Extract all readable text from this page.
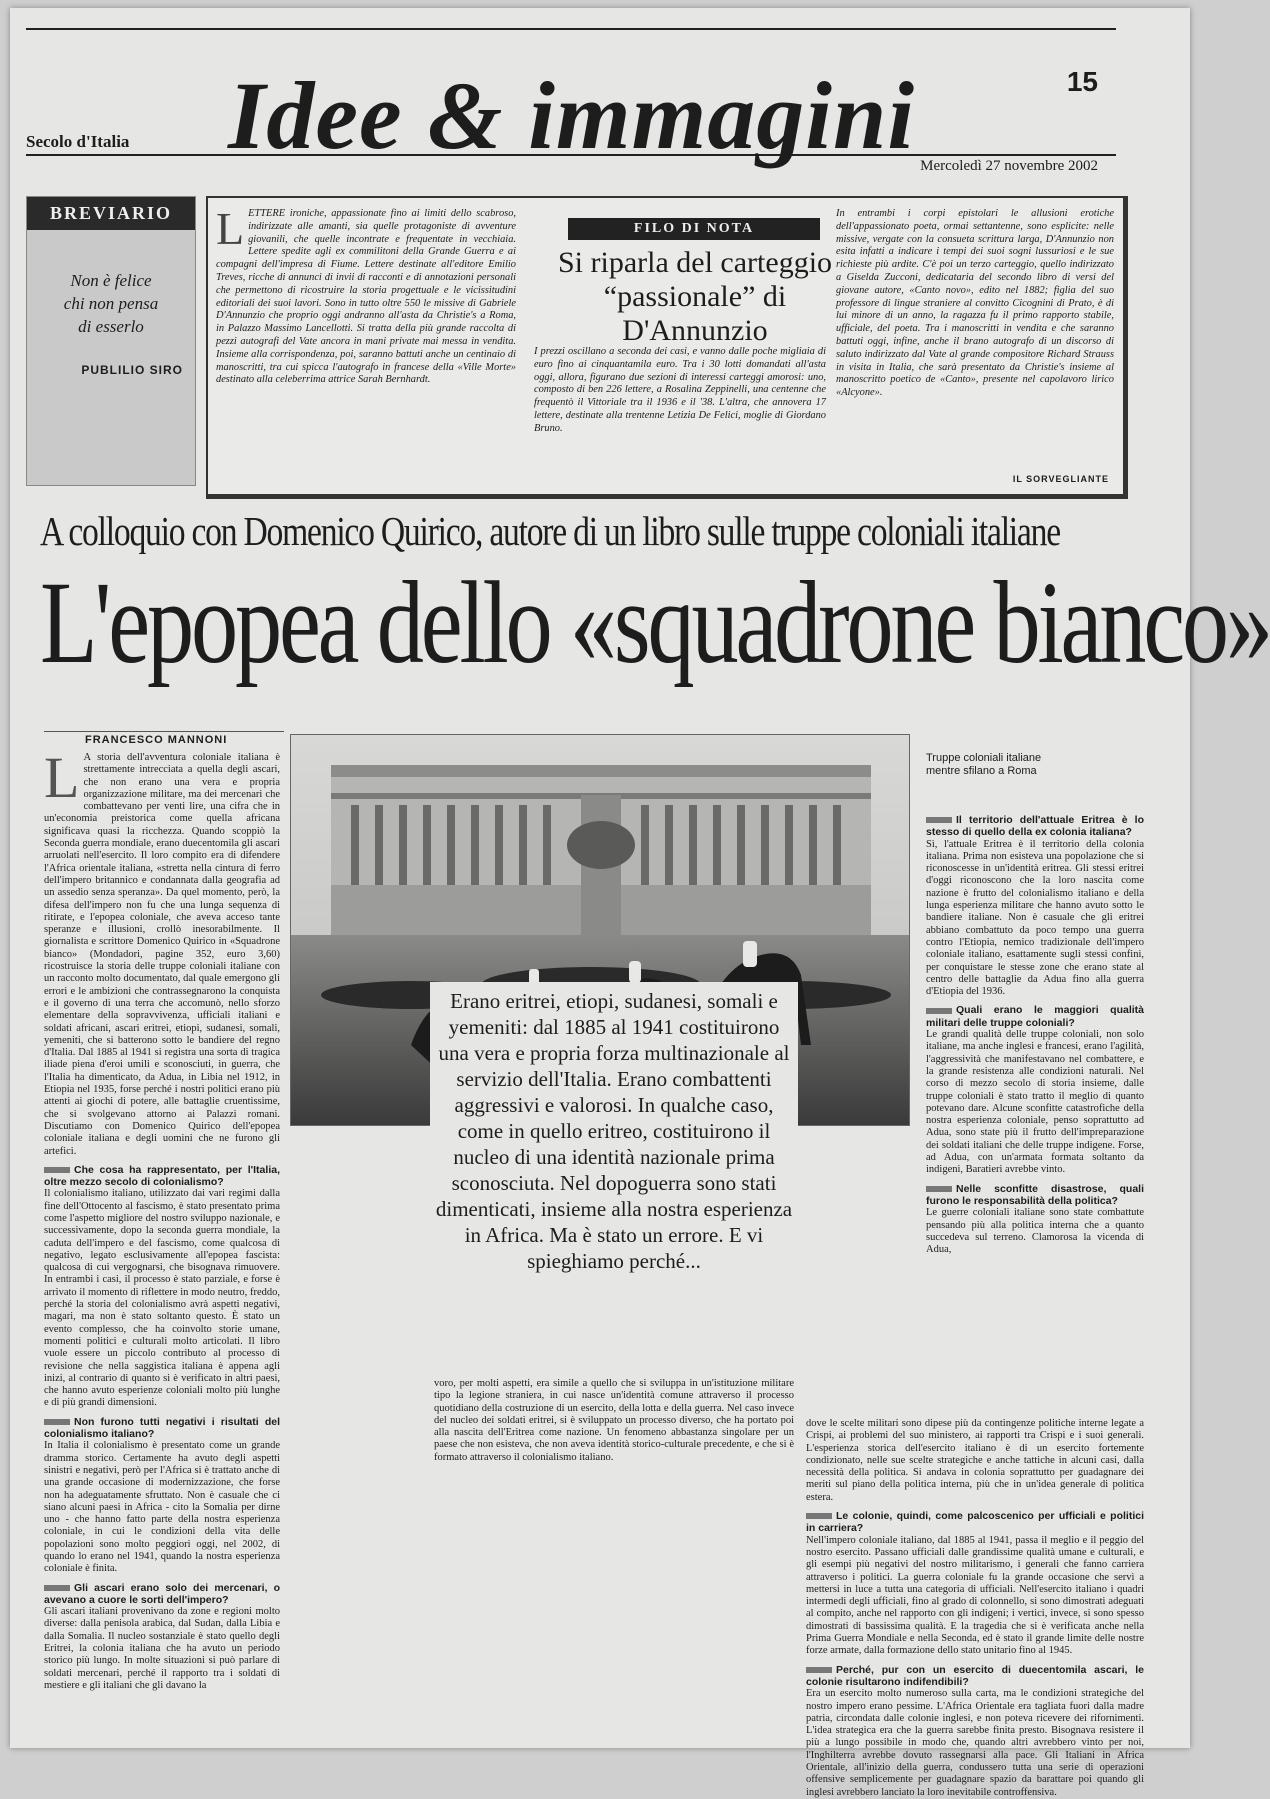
Secolo d'Italia Idee & immagini	15
Mercoledì 27 novembre 2002
BREVIARIO
Non è felice
chi non pensa
di esserlo
PUBLILIO SIRO
LETTERE ironiche, appassionate fino ai limiti dello scabroso, indirizzate alle amanti, sia quelle protagoniste di avventure giovanili, che quelle incontrate e frequentate in vecchiaia. Lettere spedite agli ex commilitoni della Grande Guerra e ai compagni dell'impresa di Fiume. Lettere destinate all'editore Emilio Treves, ricche di annunci di invii di racconti e di annotazioni personali che permettono di ricostruire la storia progettuale e le vicissitudini editoriali dei suoi lavori. Sono in tutto oltre 550 le missive di Gabriele D'Annunzio che proprio oggi andranno all'asta da Christie's a Roma, in Palazzo Massimo Lancellotti. Si tratta della più grande raccolta di pezzi autografi del Vate ancora in mani private mai messa in vendita. Insieme alla corrispondenza, poi, saranno battuti anche un centinaio di manoscritti, tra cui spicca l'autografo in francese della «Ville Morte» destinato alla celeberrima attrice Sarah Bernhardt.
I prezzi oscillano a seconda dei casi, e vanno dalle poche migliaia di euro fino ai cinquantamila euro. Tra i 30 lotti domandati all'asta oggi, allora, figurano due sezioni di interessi carteggi amorosi: uno, composto di ben 226 lettere, a Rosalina Zeppinelli, una centenne che frequentò il Vittoriale tra il 1936 e il '38. L'altra, che annovera 17 lettere, destinate alla trentenne Letizia De Felici, moglie di Giordano Bruno.
In entrambi i corpi epistolari le allusioni erotiche dell'appassionato poeta, ormai settantenne, sono esplicite: nelle missive, vergate con la consueta scrittura larga, D'Annunzio non esita infatti a indicare i tempi dei suoi sogni lussuriosi e le sue richieste più ardite. C'è poi un terzo carteggio, quello indirizzato a Giselda Zucconi, dedicataria del secondo libro di versi del giovane autore, «Canto novo», edito nel 1882; figlia del suo professore di lingue straniere al convitto Cicognini di Prato, è di lui minore di un anno, la ragazza fu il primo rapporto stabile, ufficiale, del poeta. Tra i manoscritti in vendita e che saranno battuti oggi, infine, anche il brano autografo di un discorso di saluto indirizzato dal Vate al grande compositore Richard Strauss in visita in Italia, che sarà presentato da Christie's insieme al manoscritto poetico de «Canto», presente nel capolavoro lirico «Alcyone».
IL SORVEGLIANTE
FILO DI NOTA
Si riparla del carteggio “passionale” di D'Annunzio
A colloquio con Domenico Quirico, autore di un libro sulle truppe coloniali italiane
L'epopea dello «squadrone bianco»
FRANCESCO MANNONI
L A storia dell'avventura coloniale italiana è strettamente intrecciata a quella degli ascari, che non erano una vera e propria organizzazione militare, ma dei mercenari che combattevano per venti lire, una cifra che in un'economia preistorica come quella africana significava quasi la ricchezza. Quando scoppiò la Seconda guerra mondiale, erano duecentomila gli ascari arruolati nell'esercito. Il loro compito era di difendere l'Africa orientale italiana, «stretta nella cintura di ferro dell'impero britannico e condannata dalla geografia ad un assedio senza speranza». Da quel momento, però, la difesa dell'impero non fu che una lunga sequenza di ritirate, e l'epopea coloniale, che aveva acceso tante speranze e illusioni, crollò inesorabilmente. Il giornalista e scrittore Domenico Quirico in «Squadrone bianco» (Mondadori, pagine 352, euro 3,60) ricostruisce la storia delle truppe coloniali italiane con un racconto molto documentato, dal quale emergono gli errori e le ambizioni che contrassegnarono la conquista e il governo di una terra che accomunò, nello sforzo elementare della sopravvivenza, ufficiali italiani e soldati africani, ascari eritrei, etiopi, sudanesi, somali, yemeniti, che si batterono sotto le bandiere del regno d'Italia. Dal 1885 al 1941 si registra una sorta di tragica iliade piena d'eroi umili e sconosciuti, in guerra, che l'Italia ha dimenticato, da Adua, in Libia nel 1912, in Etiopia nel 1935, forse perché i nostri politici erano più attenti ai giochi di potere, alle battaglie cruentissime, che si svolgevano attorno ai Palazzi romani. Discutiamo con Domenico Quirico dell'epopea coloniale italiana e degli uomini che ne furono gli artefici.
Che cosa ha rappresentato, per l'Italia, oltre mezzo secolo di colonialismo?
Il colonialismo italiano, utilizzato dai vari regimi dalla fine dell'Ottocento al fascismo, è stato presentato prima come l'aspetto migliore del nostro sviluppo nazionale, e successivamente, dopo la seconda guerra mondiale, la caduta dell'impero e del fascismo, come qualcosa di negativo, legato esclusivamente all'epopea fascista: qualcosa di cui vergognarsi, che bisognava rimuovere. In entrambi i casi, il processo è stato parziale, e forse è arrivato il momento di riflettere in modo neutro, freddo, perché la storia del colonialismo avrà aspetti negativi, magari, ma non è stato soltanto questo. È stato un evento complesso, che ha coinvolto storie umane, momenti politici e culturali molto articolati. Il libro vuole essere un piccolo contributo al processo di revisione che nella saggistica italiana è appena agli inizi, al contrario di quanto si è verificato in altri paesi, che hanno avuto esperienze coloniali molto più lunghe e di più grandi dimensioni.
Non furono tutti negativi i risultati del colonialismo italiano?
In Italia il colonialismo è presentato come un grande dramma storico. Certamente ha avuto degli aspetti sinistri e negativi, però per l'Africa si è trattato anche di una grande occasione di modernizzazione, che forse non ha adeguatamente sfruttato. Non è casuale che ci siano alcuni paesi in Africa - cito la Somalia per dirne uno - che hanno fatto parte della nostra esperienza coloniale, in cui le condizioni della vita delle popolazioni sono molto peggiori oggi, nel 2002, di quando lo erano nel 1941, quando la nostra esperienza coloniale è finita.
Gli ascari erano solo dei mercenari, o avevano a cuore le sorti dell'impero?
Gli ascari italiani provenivano da zone e regioni molto diverse: dalla penisola arabica, dal Sudan, dalla Libia e dalla Somalia. Il nucleo sostanziale è stato quello degli Eritrei, la colonia italiana che ha avuto un periodo storico più lungo. In molte situazioni si può parlare di soldati mercenari, perché il rapporto tra i soldati di mestiere e gli italiani che gli davano la
Truppe coloniali italiane mentre sfilano a Roma
Erano eritrei, etiopi, sudanesi, somali e yemeniti: dal 1885 al 1941 costituirono una vera e propria forza multinazionale al servizio dell'Italia. Erano combattenti aggressivi e valorosi. In qualche caso, come in quello eritreo, costituirono il nucleo di una identità nazionale prima sconosciuta. Nel dopoguerra sono stati dimenticati, insieme alla nostra esperienza in Africa. Ma è stato un errore. E vi spieghiamo perché...
voro, per molti aspetti, era simile a quello che si sviluppa in un'istituzione militare tipo la legione straniera, in cui nasce un'identità comune attraverso il processo quotidiano della costruzione di un esercito, della lotta e della guerra. Nel caso invece del nucleo dei soldati eritrei, si è sviluppato un processo diverso, che ha portato poi alla nascita dell'Eritrea come nazione. Un fenomeno abbastanza singolare per un paese che non esisteva, che non aveva identità storico-culturale precedente, e che si è formato attraverso il colonialismo italiano.
Il territorio dell'attuale Eritrea è lo stesso di quello della ex colonia italiana?
Sì, l'attuale Eritrea è il territorio della colonia italiana. Prima non esisteva una popolazione che si riconoscesse in un'identità eritrea. Gli stessi eritrei d'oggi riconoscono che la loro nascita come nazione è frutto del colonialismo italiano e della lunga esperienza militare che hanno avuto sotto le bandiere italiane. Non è casuale che gli eritrei abbiano combattuto da poco tempo una guerra contro l'Etiopia, nemico tradizionale dell'impero coloniale italiano, esattamente sugli stessi confini, per conquistare le stesse zone che erano state al centro delle battaglie da Adua fino alla guerra d'Etiopia del 1936.
Quali erano le maggiori qualità militari delle truppe coloniali?
Le grandi qualità delle truppe coloniali, non solo italiane, ma anche inglesi e francesi, erano l'agilità, l'aggressività che manifestavano nel combattere, e la grande resistenza alle condizioni naturali. Nel corso di mezzo secolo di storia insieme, dalle truppe coloniali è stato tratto il meglio di quanto potevano dare. Alcune sconfitte catastrofiche della nostra esperienza coloniale, penso soprattutto ad Adua, sono state più il frutto dell'impreparazione dei soldati italiani che delle truppe indigene. Forse, ad Adua, con un'armata formata soltanto da indigeni, Baratieri avrebbe vinto.
Nelle sconfitte disastrose, quali furono le responsabilità della politica?
Le guerre coloniali italiane sono state combattute pensando più alla politica interna che a quanto succedeva sul terreno. Clamorosa la vicenda di Adua,
dove le scelte militari sono dipese più da contingenze politiche interne legate a Crispi, ai problemi del suo ministero, ai rapporti tra Crispi e i suoi generali. L'esperienza storica dell'esercito italiano è di un esercito fortemente condizionato, nelle sue scelte strategiche e anche tattiche in alcuni casi, dalla necessità della politica. Si andava in colonia soprattutto per guadagnare dei meriti sul piano della politica interna, più che in un'idea generale di politica estera.
Le colonie, quindi, come palcoscenico per ufficiali e politici in carriera?
Nell'impero coloniale italiano, dal 1885 al 1941, passa il meglio e il peggio del nostro esercito. Passano ufficiali dalle grandissime qualità umane e culturali, e gli esempi più negativi del nostro militarismo, i generali che fanno carriera attraverso i politici. La guerra coloniale fu la grande occasione che servì a mettersi in luce a tutta una categoria di ufficiali. Nell'esercito italiano i quadri intermedi degli ufficiali, fino al grado di colonnello, si sono dimostrati adeguati al compito, anche nel rapporto con gli indigeni; i vertici, invece, si sono spesso dimostrati di bassissima qualità. E la tragedia che si è verificata anche nella Prima Guerra Mondiale e nella Seconda, ed è stato il grande limite delle nostre forze armate, dalla formazione dello stato unitario fino al 1945.
Perché, pur con un esercito di duecentomila ascari, le colonie risultarono indifendibili?
Era un esercito molto numeroso sulla carta, ma le condizioni strategiche del nostro impero erano pessime. L'Africa Orientale era tagliata fuori dalla madre patria, circondata dalle colonie inglesi, e non poteva ricevere dei rifornimenti. L'idea strategica era che la guerra sarebbe finita presto. Bisognava resistere il più a lungo possibile in modo che, quando altri avrebbero vinto per noi, l'Inghilterra avrebbe dovuto rassegnarsi alla pace. Gli Italiani in Africa Orientale, all'inizio della guerra, condussero tutta una serie di operazioni offensive semplicemente per guadagnare spazio da barattare poi quando gli inglesi avrebbero lanciato la loro inevitabile controffensiva.
